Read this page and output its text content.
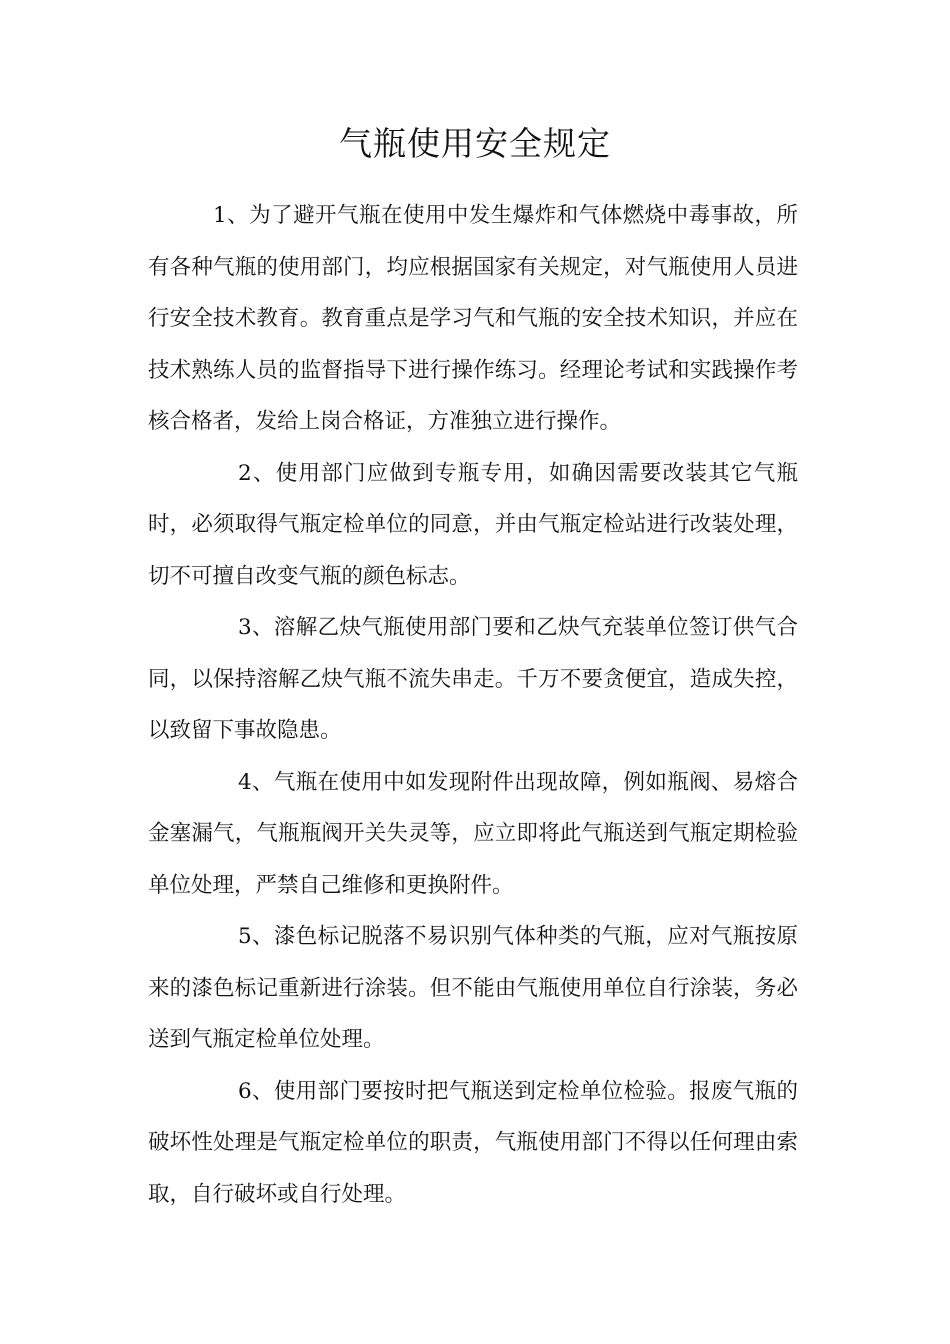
气瓶使用安全规定

1、为了避开气瓶在使用中发生爆炸和气体燃烧中毒事故，所有各种气瓶的使用部门，均应根据国家有关规定，对气瓶使用人员进行安全技术教育。教育重点是学习气和气瓶的安全技术知识，并应在技术熟练人员的监督指导下进行操作练习。经理论考试和实践操作考核合格者，发给上岗合格证，方准独立进行操作。

2、使用部门应做到专瓶专用，如确因需要改装其它气瓶时，必须取得气瓶定检单位的同意，并由气瓶定检站进行改装处理，切不可擅自改变气瓶的颜色标志。

3、溶解乙炔气瓶使用部门要和乙炔气充装单位签订供气合同，以保持溶解乙炔气瓶不流失串走。千万不要贪便宜，造成失控，以致留下事故隐患。

4、气瓶在使用中如发现附件出现故障，例如瓶阀、易熔合金塞漏气，气瓶瓶阀开关失灵等，应立即将此气瓶送到气瓶定期检验单位处理，严禁自己维修和更换附件。

5、漆色标记脱落不易识别气体种类的气瓶，应对气瓶按原来的漆色标记重新进行涂装。但不能由气瓶使用单位自行涂装，务必送到气瓶定检单位处理。

6、使用部门要按时把气瓶送到定检单位检验。报废气瓶的破坏性处理是气瓶定检单位的职责，气瓶使用部门不得以任何理由索取，自行破坏或自行处理。
